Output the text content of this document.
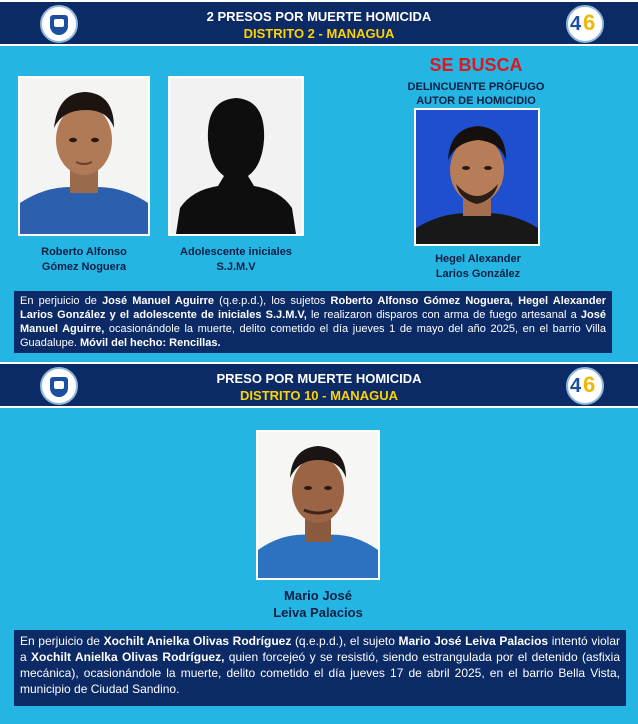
2 PRESOS POR MUERTE HOMICIDA
DISTRITO 2 - MANAGUA	4 6
Roberto Alfonso
Gómez Noguera
Adolescente iniciales
S.J.M.V
SE BUSCA
DELINCUENTE PRÓFUGO
AUTOR DE HOMICIDIO
Hegel Alexander
Larios González
En perjuicio de José Manuel Aguirre (q.e.p.d.), los sujetos Roberto Alfonso Gómez Noguera, Hegel Alexander Larios González y el adolescente de iniciales S.J.M.V, le realizaron disparos con arma de fuego artesanal a José Manuel Aguirre, ocasionándole la muerte, delito cometido el día jueves 1 de mayo del año 2025, en el barrio Villa Guadalupe. Móvil del hecho: Rencillas.
PRESO POR MUERTE HOMICIDA
DISTRITO 10 - MANAGUA	4 6
Mario José
Leiva Palacios
En perjuicio de Xochilt Anielka Olivas Rodríguez (q.e.p.d.), el sujeto Mario José Leiva Palacios intentó violar a Xochilt Anielka Olivas Rodríguez, quien forcejeó y se resistió, siendo estrangulada por el detenido (asfixia mecánica), ocasionándole la muerte, delito cometido el día jueves 17 de abril 2025, en el barrio Bella Vista, municipio de Ciudad Sandino.
